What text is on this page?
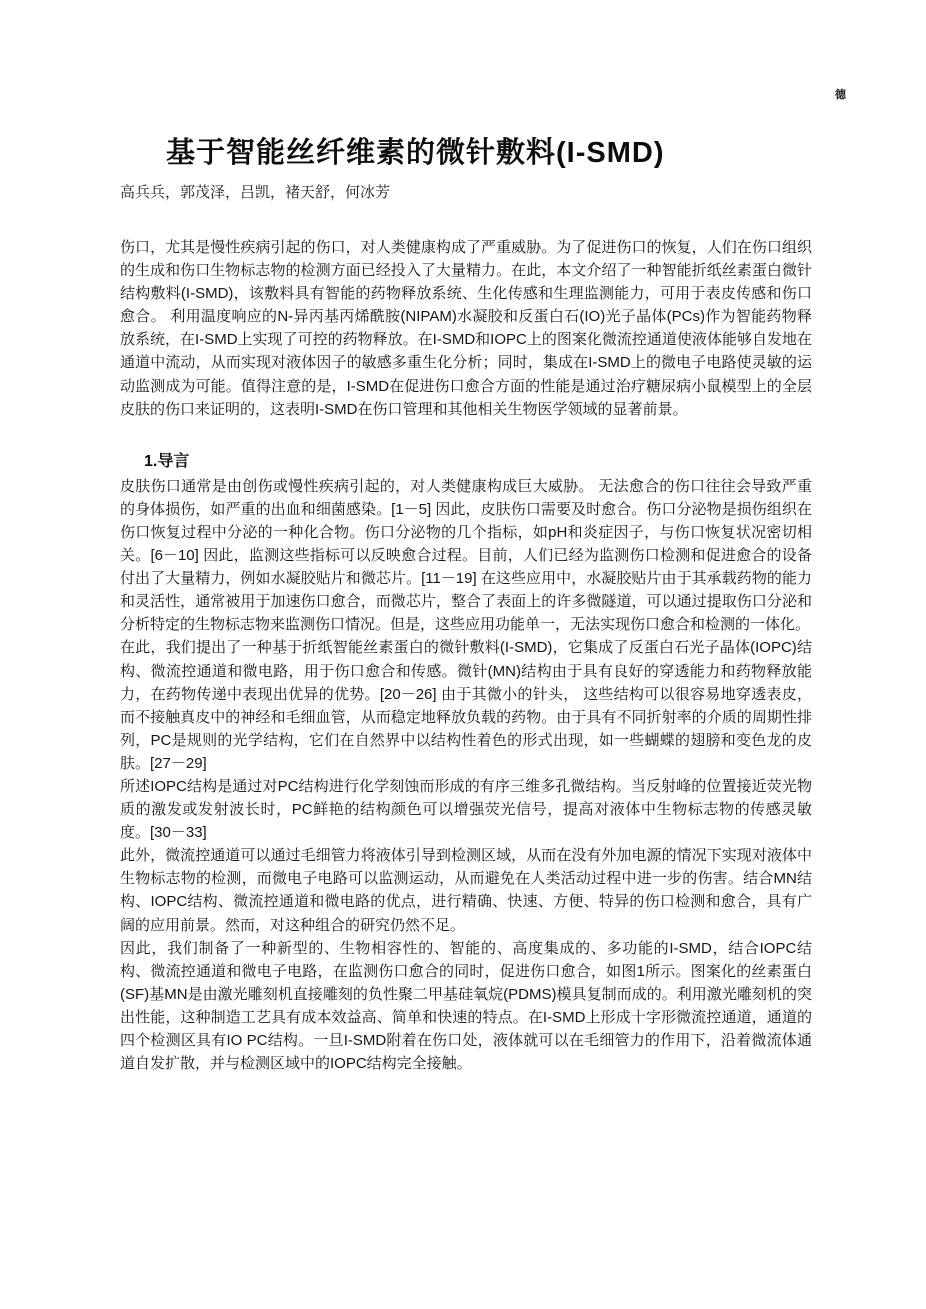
德
基于智能丝纤维素的微针敷料(I-SMD)
高兵兵，郭茂泽，吕凯，褚天舒，何冰芳

伤口，尤其是慢性疾病引起的伤口，对人类健康构成了严重威胁。为了促进伤口的恢复，人们在伤口组织的生成和伤口生物标志物的检测方面已经投入了大量精力。在此，本文介绍了一种智能折纸丝素蛋白微针结构敷料(I-SMD)，该敷料具有智能的药物释放系统、生化传感和生理监测能力，可用于表皮传感和伤口愈合。 利用温度响应的N-异丙基丙烯酰胺(NIPAM)水凝胶和反蛋白石(IO)光子晶体(PCs)作为智能药物释放系统，在I-SMD上实现了可控的药物释放。在I-SMD和IOPC上的图案化微流控通道使液体能够自发地在通道中流动，从而实现对液体因子的敏感多重生化分析；同时，集成在I-SMD上的微电子电路使灵敏的运动监测成为可能。值得注意的是，I-SMD在促进伤口愈合方面的性能是通过治疗糖尿病小鼠模型上的全层皮肤的伤口来证明的，这表明I-SMD在伤口管理和其他相关生物医学领域的显著前景。

1.导言

皮肤伤口通常是由创伤或慢性疾病引起的，对人类健康构成巨大威胁。 无法愈合的伤口往往会导致严重的身体损伤，如严重的出血和细菌感染。[1－5] 因此，皮肤伤口需要及时愈合。伤口分泌物是损伤组织在伤口恢复过程中分泌的一种化合物。伤口分泌物的几个指标，如pH和炎症因子，与伤口恢复状况密切相关。[6－10] 因此，监测这些指标可以反映愈合过程。目前，人们已经为监测伤口检测和促进愈合的设备付出了大量精力，例如水凝胶贴片和微芯片。[11－19] 在这些应用中，水凝胶贴片由于其承载药物的能力和灵活性，通常被用于加速伤口愈合，而微芯片，整合了表面上的许多微隧道，可以通过提取伤口分泌和分析特定的生物标志物来监测伤口情况。但是，这些应用功能单一，无法实现伤口愈合和检测的一体化。

在此，我们提出了一种基于折纸智能丝素蛋白的微针敷料(I-SMD)，它集成了反蛋白石光子晶体(IOPC)结构、微流控通道和微电路，用于伤口愈合和传感。微针(MN)结构由于具有良好的穿透能力和药物释放能力，在药物传递中表现出优异的优势。[20－26] 由于其微小的针头， 这些结构可以很容易地穿透表皮，而不接触真皮中的神经和毛细血管，从而稳定地释放负载的药物。由于具有不同折射率的介质的周期性排列，PC是规则的光学结构，它们在自然界中以结构性着色的形式出现，如一些蝴蝶的翅膀和变色龙的皮肤。[27－29]

所述IOPC结构是通过对PC结构进行化学刻蚀而形成的有序三维多孔微结构。当反射峰的位置接近荧光物质的激发或发射波长时，PC鲜艳的结构颜色可以增强荧光信号，提高对液体中生物标志物的传感灵敏度。[30－33]

此外，微流控通道可以通过毛细管力将液体引导到检测区域，从而在没有外加电源的情况下实现对液体中生物标志物的检测，而微电子电路可以监测运动，从而避免在人类活动过程中进一步的伤害。结合MN结构、IOPC结构、微流控通道和微电路的优点，进行精确、快速、方便、特异的伤口检测和愈合，具有广阔的应用前景。然而，对这种组合的研究仍然不足。

因此，我们制备了一种新型的、生物相容性的、智能的、高度集成的、多功能的I-SMD，结合IOPC结构、微流控通道和微电子电路，在监测伤口愈合的同时，促进伤口愈合，如图1所示。图案化的丝素蛋白(SF)基MN是由激光雕刻机直接雕刻的负性聚二甲基硅氧烷(PDMS)模具复制而成的。利用激光雕刻机的突出性能，这种制造工艺具有成本效益高、简单和快速的特点。在I-SMD上形成十字形微流控通道，通道的四个检测区具有IO PC结构。一旦I-SMD附着在伤口处，液体就可以在毛细管力的作用下，沿着微流体通道自发扩散，并与检测区域中的IOPC结构完全接触。
